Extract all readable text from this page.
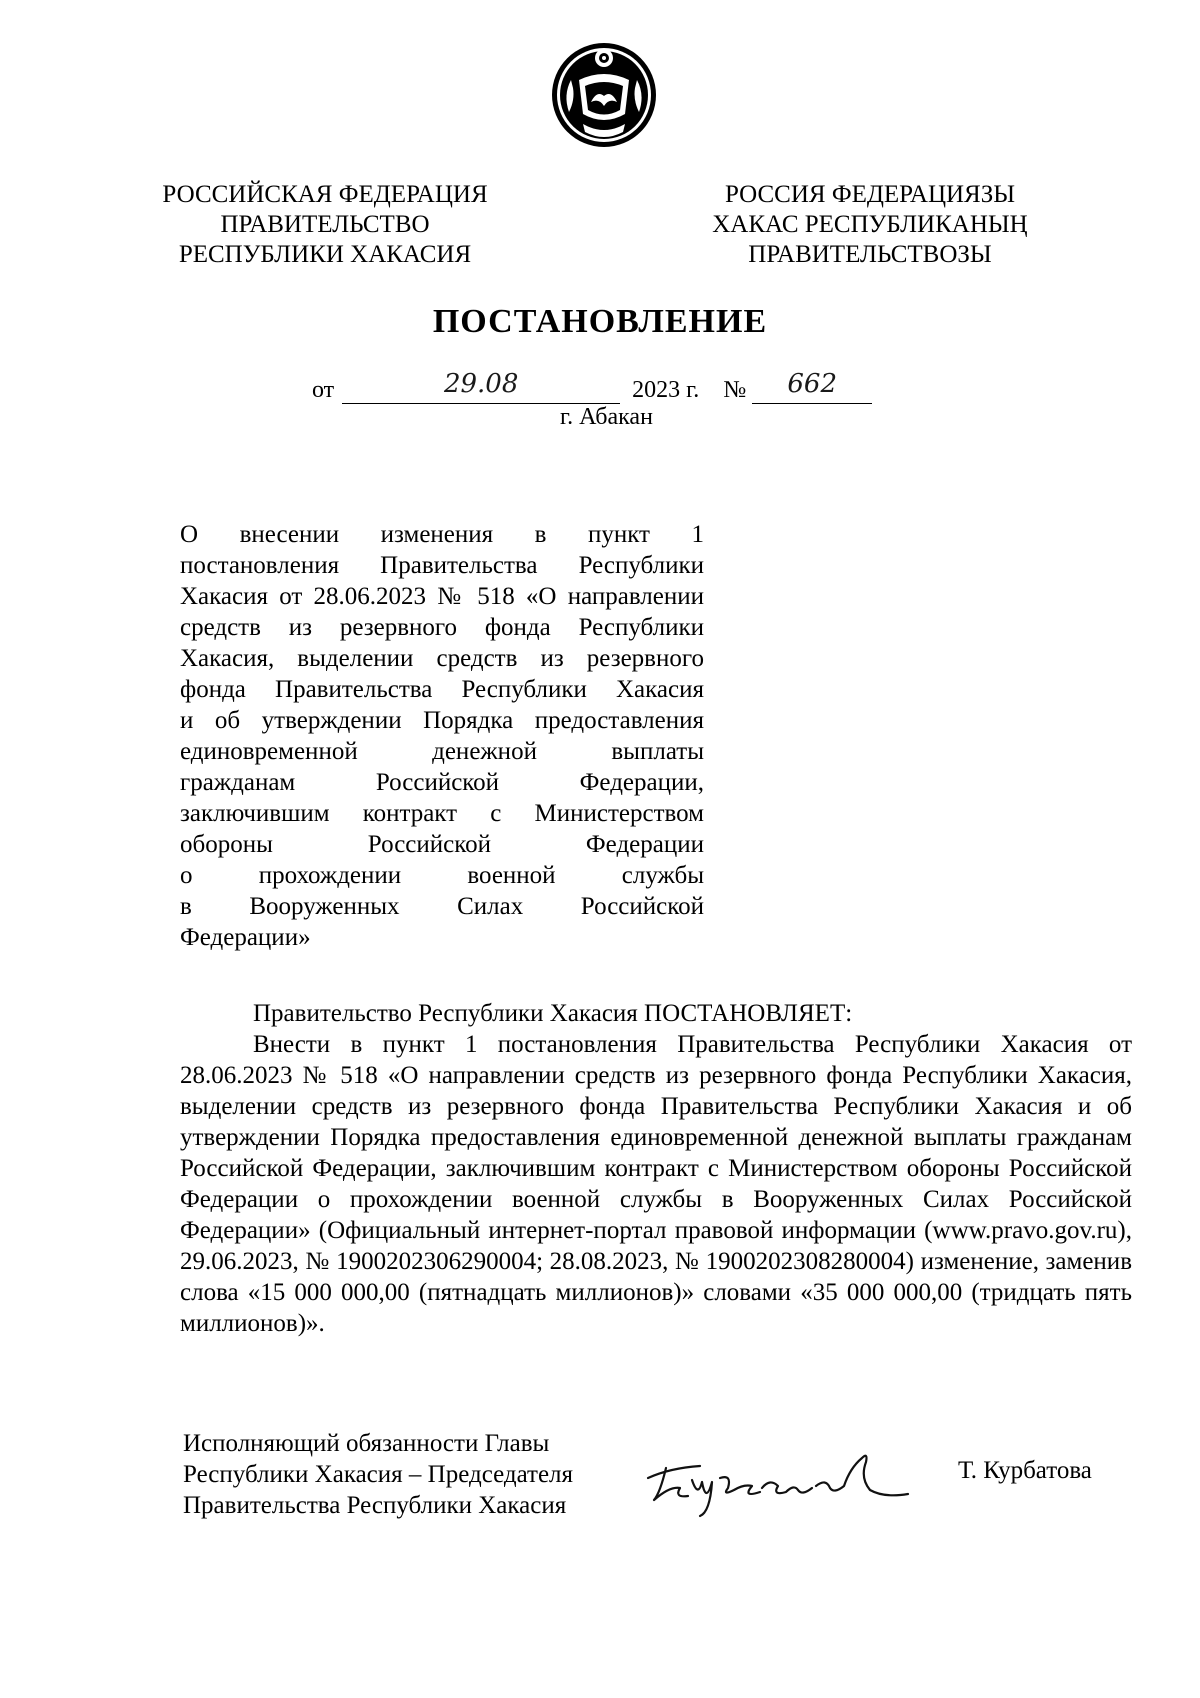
РОССИЙСКАЯ ФЕДЕРАЦИЯ
ПРАВИТЕЛЬСТВО
РЕСПУБЛИКИ ХАКАСИЯ
РОССИЯ ФЕДЕРАЦИЯЗЫ
ХАКАС РЕСПУБЛИКАНЫҢ
ПРАВИТЕЛЬСТВОЗЫ
ПОСТАНОВЛЕНИЕ
от	29.08	2023 г. №	662
г. Абакан
О внесении изменения в пункт 1
постановления Правительства Республики
Хакасия от 28.06.2023 № 518 «О направлении
средств из резервного фонда Республики
Хакасия, выделении средств из резервного
фонда Правительства Республики Хакасия
и об утверждении Порядка предоставления
единовременной денежной выплаты
гражданам Российской Федерации,
заключившим контракт с Министерством
обороны Российской Федерации
о прохождении военной службы
в Вооруженных Силах Российской
Федерации»

Правительство Республики Хакасия ПОСТАНОВЛЯЕТ:

Внести в пункт 1 постановления Правительства Республики Хакасия от 28.06.2023 № 518 «О направлении средств из резервного фонда Республики Хакасия, выделении средств из резервного фонда Правительства Республики Хакасия и об утверждении Порядка предоставления единовременной денежной выплаты гражданам Российской Федерации, заключившим контракт с Министерством обороны Российской Федерации о прохождении военной службы в Вооруженных Силах Российской Федерации» (Официальный интернет-портал правовой информации (www.pravo.gov.ru), 29.06.2023, № 1900202306290004; 28.08.2023, № 1900202308280004) изменение, заменив слова «15 000 000,00 (пятнадцать миллионов)» словами «35 000 000,00 (тридцать пять миллионов)».

Исполняющий обязанности Главы
Республики Хакасия – Председателя
Правительства Республики Хакасия
Т. Курбатова
